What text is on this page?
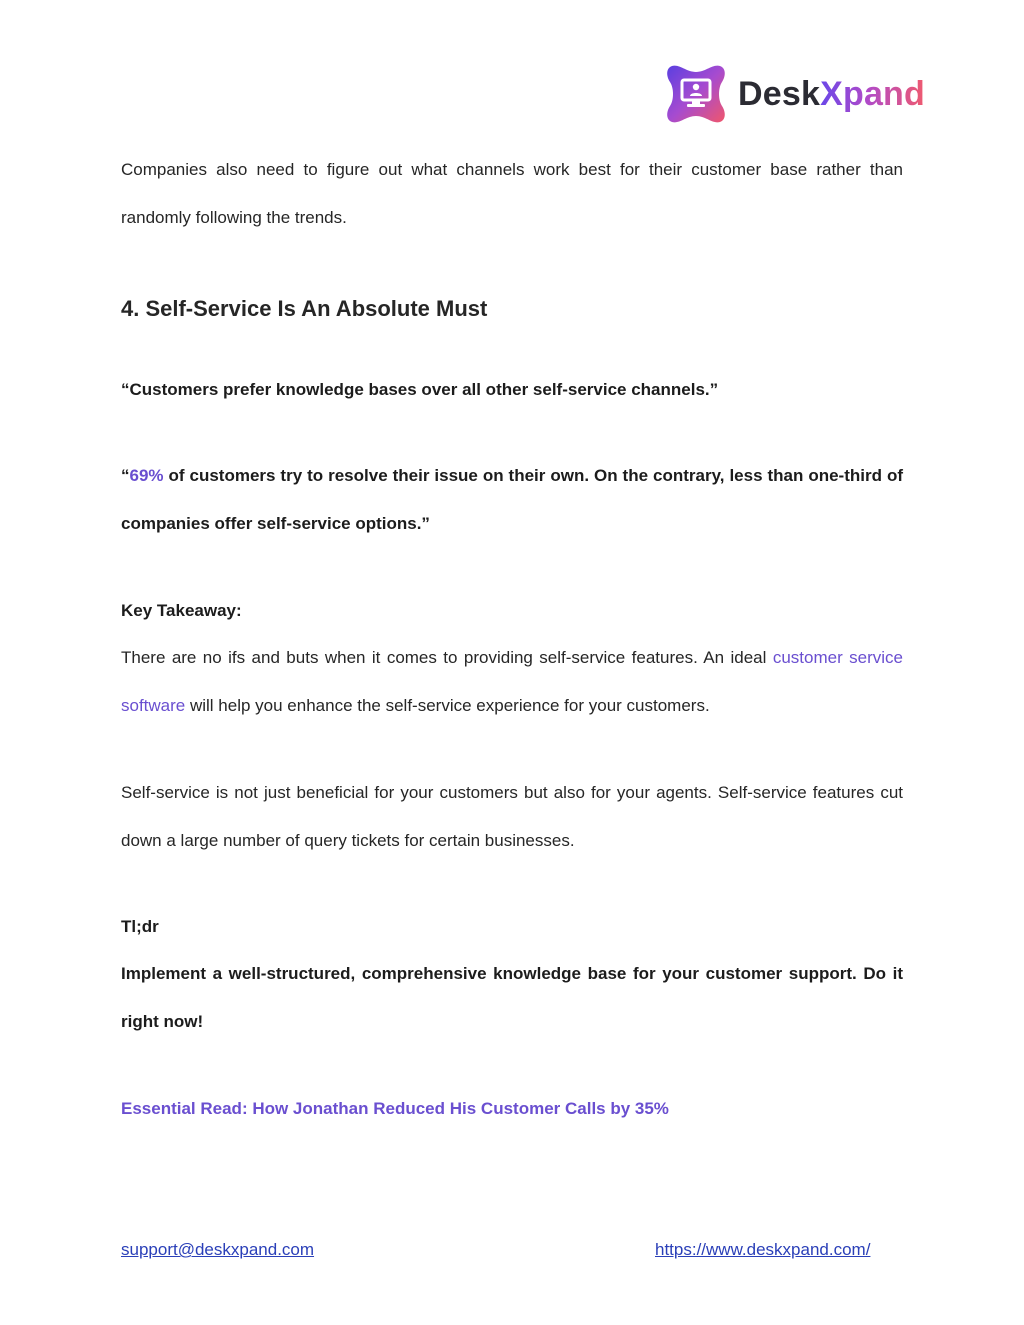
DeskXpand

Companies also need to figure out what channels work best for their customer base rather than randomly following the trends.

4. Self-Service Is An Absolute Must

“Customers prefer knowledge bases over all other self-service channels.”

“69% of customers try to resolve their issue on their own. On the contrary, less than one-third of companies offer self-service options.”

Key Takeaway:

There are no ifs and buts when it comes to providing self-service features. An ideal customer service software will help you enhance the self-service experience for your customers.

Self-service is not just beneficial for your customers but also for your agents. Self-service features cut down a large number of query tickets for certain businesses.

Tl;dr

Implement a well-structured, comprehensive knowledge base for your customer support. Do it right now!

Essential Read: How Jonathan Reduced His Customer Calls by 35%

support@deskxpand.com	https://www.deskxpand.com/
